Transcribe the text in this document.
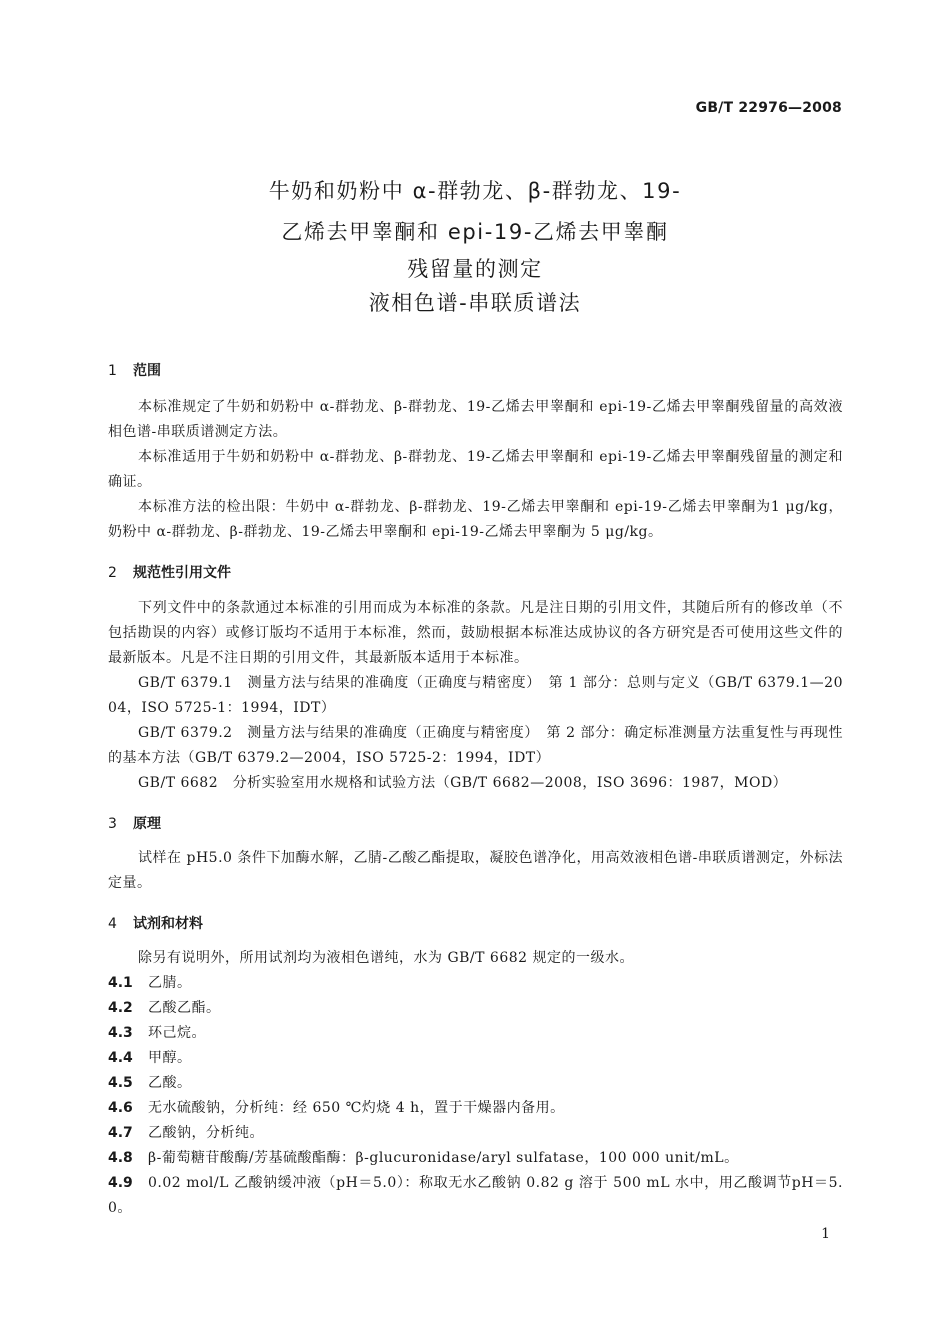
GB/T 22976—2008
牛奶和奶粉中 α-群勃龙、β-群勃龙、19-
乙烯去甲睾酮和 epi-19-乙烯去甲睾酮
残留量的测定
液相色谱-串联质谱法
1 范围

本标准规定了牛奶和奶粉中 α-群勃龙、β-群勃龙、19-乙烯去甲睾酮和 epi-19-乙烯去甲睾酮残留量的高效液相色谱-串联质谱测定方法。

本标准适用于牛奶和奶粉中 α-群勃龙、β-群勃龙、19-乙烯去甲睾酮和 epi-19-乙烯去甲睾酮残留量的测定和确证。

本标准方法的检出限：牛奶中 α-群勃龙、β-群勃龙、19-乙烯去甲睾酮和 epi-19-乙烯去甲睾酮为1 μg/kg，奶粉中 α-群勃龙、β-群勃龙、19-乙烯去甲睾酮和 epi-19-乙烯去甲睾酮为 5 μg/kg。

2 规范性引用文件

下列文件中的条款通过本标准的引用而成为本标准的条款。凡是注日期的引用文件，其随后所有的修改单（不包括勘误的内容）或修订版均不适用于本标准，然而，鼓励根据本标准达成协议的各方研究是否可使用这些文件的最新版本。凡是不注日期的引用文件，其最新版本适用于本标准。

GB/T 6379.1　测量方法与结果的准确度（正确度与精密度）　第 1 部分：总则与定义（GB/T 6379.1—2004，ISO 5725-1：1994，IDT）

GB/T 6379.2　测量方法与结果的准确度（正确度与精密度）　第 2 部分：确定标准测量方法重复性与再现性的基本方法（GB/T 6379.2—2004，ISO 5725-2：1994，IDT）

GB/T 6682　分析实验室用水规格和试验方法（GB/T 6682—2008，ISO 3696：1987，MOD）

3 原理

试样在 pH5.0 条件下加酶水解，乙腈-乙酸乙酯提取，凝胶色谱净化，用高效液相色谱-串联质谱测定，外标法定量。

4 试剂和材料

除另有说明外，所用试剂均为液相色谱纯，水为 GB/T 6682 规定的一级水。

4.1 乙腈。

4.2 乙酸乙酯。

4.3 环己烷。

4.4 甲醇。

4.5 乙酸。

4.6 无水硫酸钠，分析纯：经 650 ℃灼烧 4 h，置于干燥器内备用。

4.7 乙酸钠，分析纯。

4.8 β-葡萄糖苷酸酶/芳基硫酸酯酶：β-glucuronidase/aryl sulfatase，100 000 unit/mL。

4.9 0.02 mol/L 乙酸钠缓冲液（pH＝5.0）：称取无水乙酸钠 0.82 g 溶于 500 mL 水中，用乙酸调节pH＝5.0。

1
